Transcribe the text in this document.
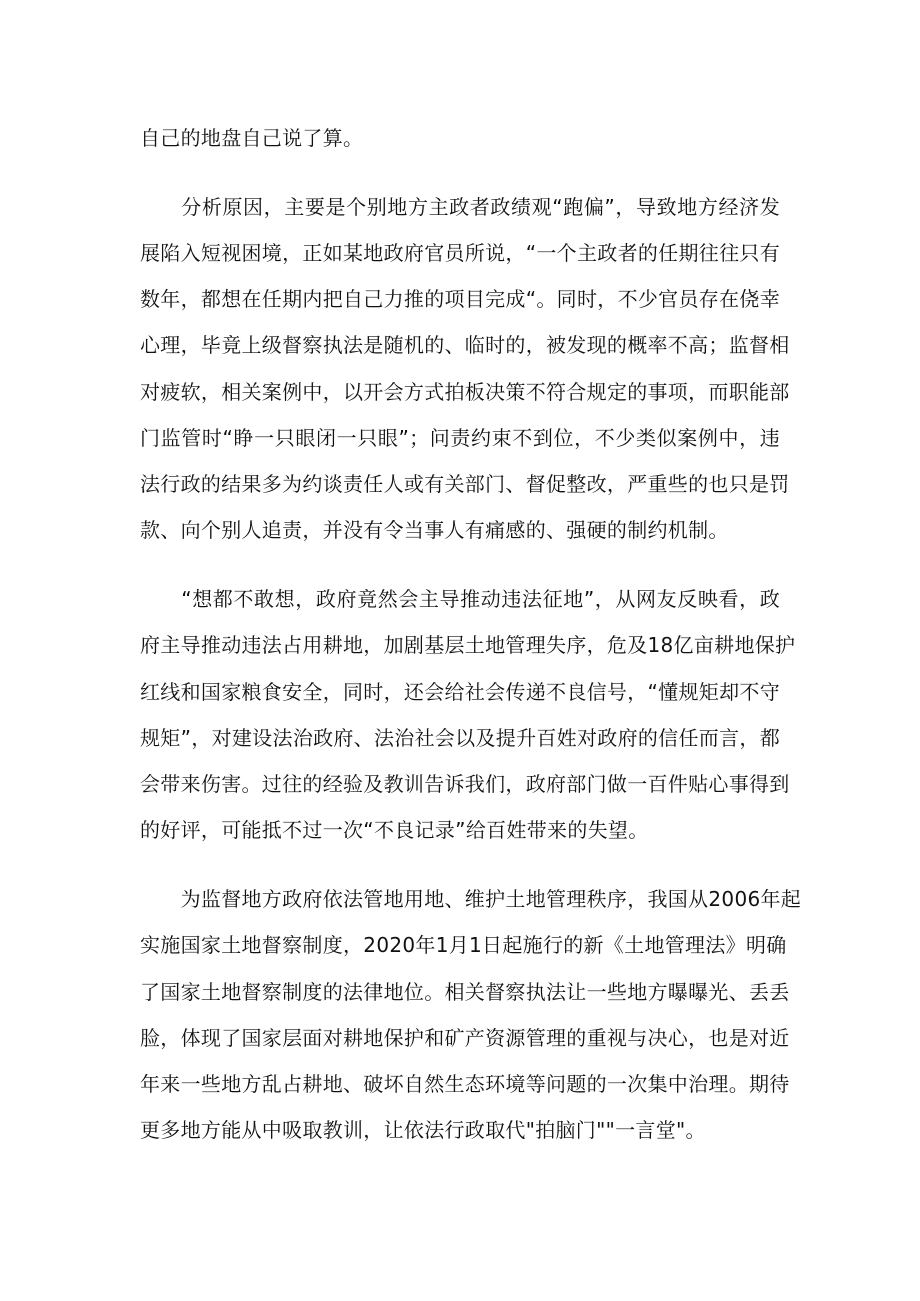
自己的地盘自己说了算。

　　分析原因，主要是个别地方主政者政绩观“跑偏”，导致地方经济发

展陷入短视困境，正如某地政府官员所说，“一个主政者的任期往往只有

数年，都想在任期内把自己力推的项目完成“。同时，不少官员存在侥幸

心理，毕竟上级督察执法是随机的、临时的，被发现的概率不高；监督相

对疲软，相关案例中，以开会方式拍板决策不符合规定的事项，而职能部

门监管时“睁一只眼闭一只眼”；问责约束不到位，不少类似案例中，违

法行政的结果多为约谈责任人或有关部门、督促整改，严重些的也只是罚

款、向个别人追责，并没有令当事人有痛感的、强硬的制约机制。

　　“想都不敢想，政府竟然会主导推动违法征地”，从网友反映看，政

府主导推动违法占用耕地，加剧基层土地管理失序，危及18亿亩耕地保护

红线和国家粮食安全，同时，还会给社会传递不良信号，“懂规矩却不守

规矩”，对建设法治政府、法治社会以及提升百姓对政府的信任而言，都

会带来伤害。过往的经验及教训告诉我们，政府部门做一百件贴心事得到

的好评，可能抵不过一次“不良记录”给百姓带来的失望。

　　为监督地方政府依法管地用地、维护土地管理秩序，我国从2006年起

实施国家土地督察制度，2020年1月1日起施行的新《土地管理法》明确

了国家土地督察制度的法律地位。相关督察执法让一些地方曝曝光、丢丢

脸，体现了国家层面对耕地保护和矿产资源管理的重视与决心，也是对近

年来一些地方乱占耕地、破坏自然生态环境等问题的一次集中治理。期待

更多地方能从中吸取教训，让依法行政取代"拍脑门""一言堂"。
